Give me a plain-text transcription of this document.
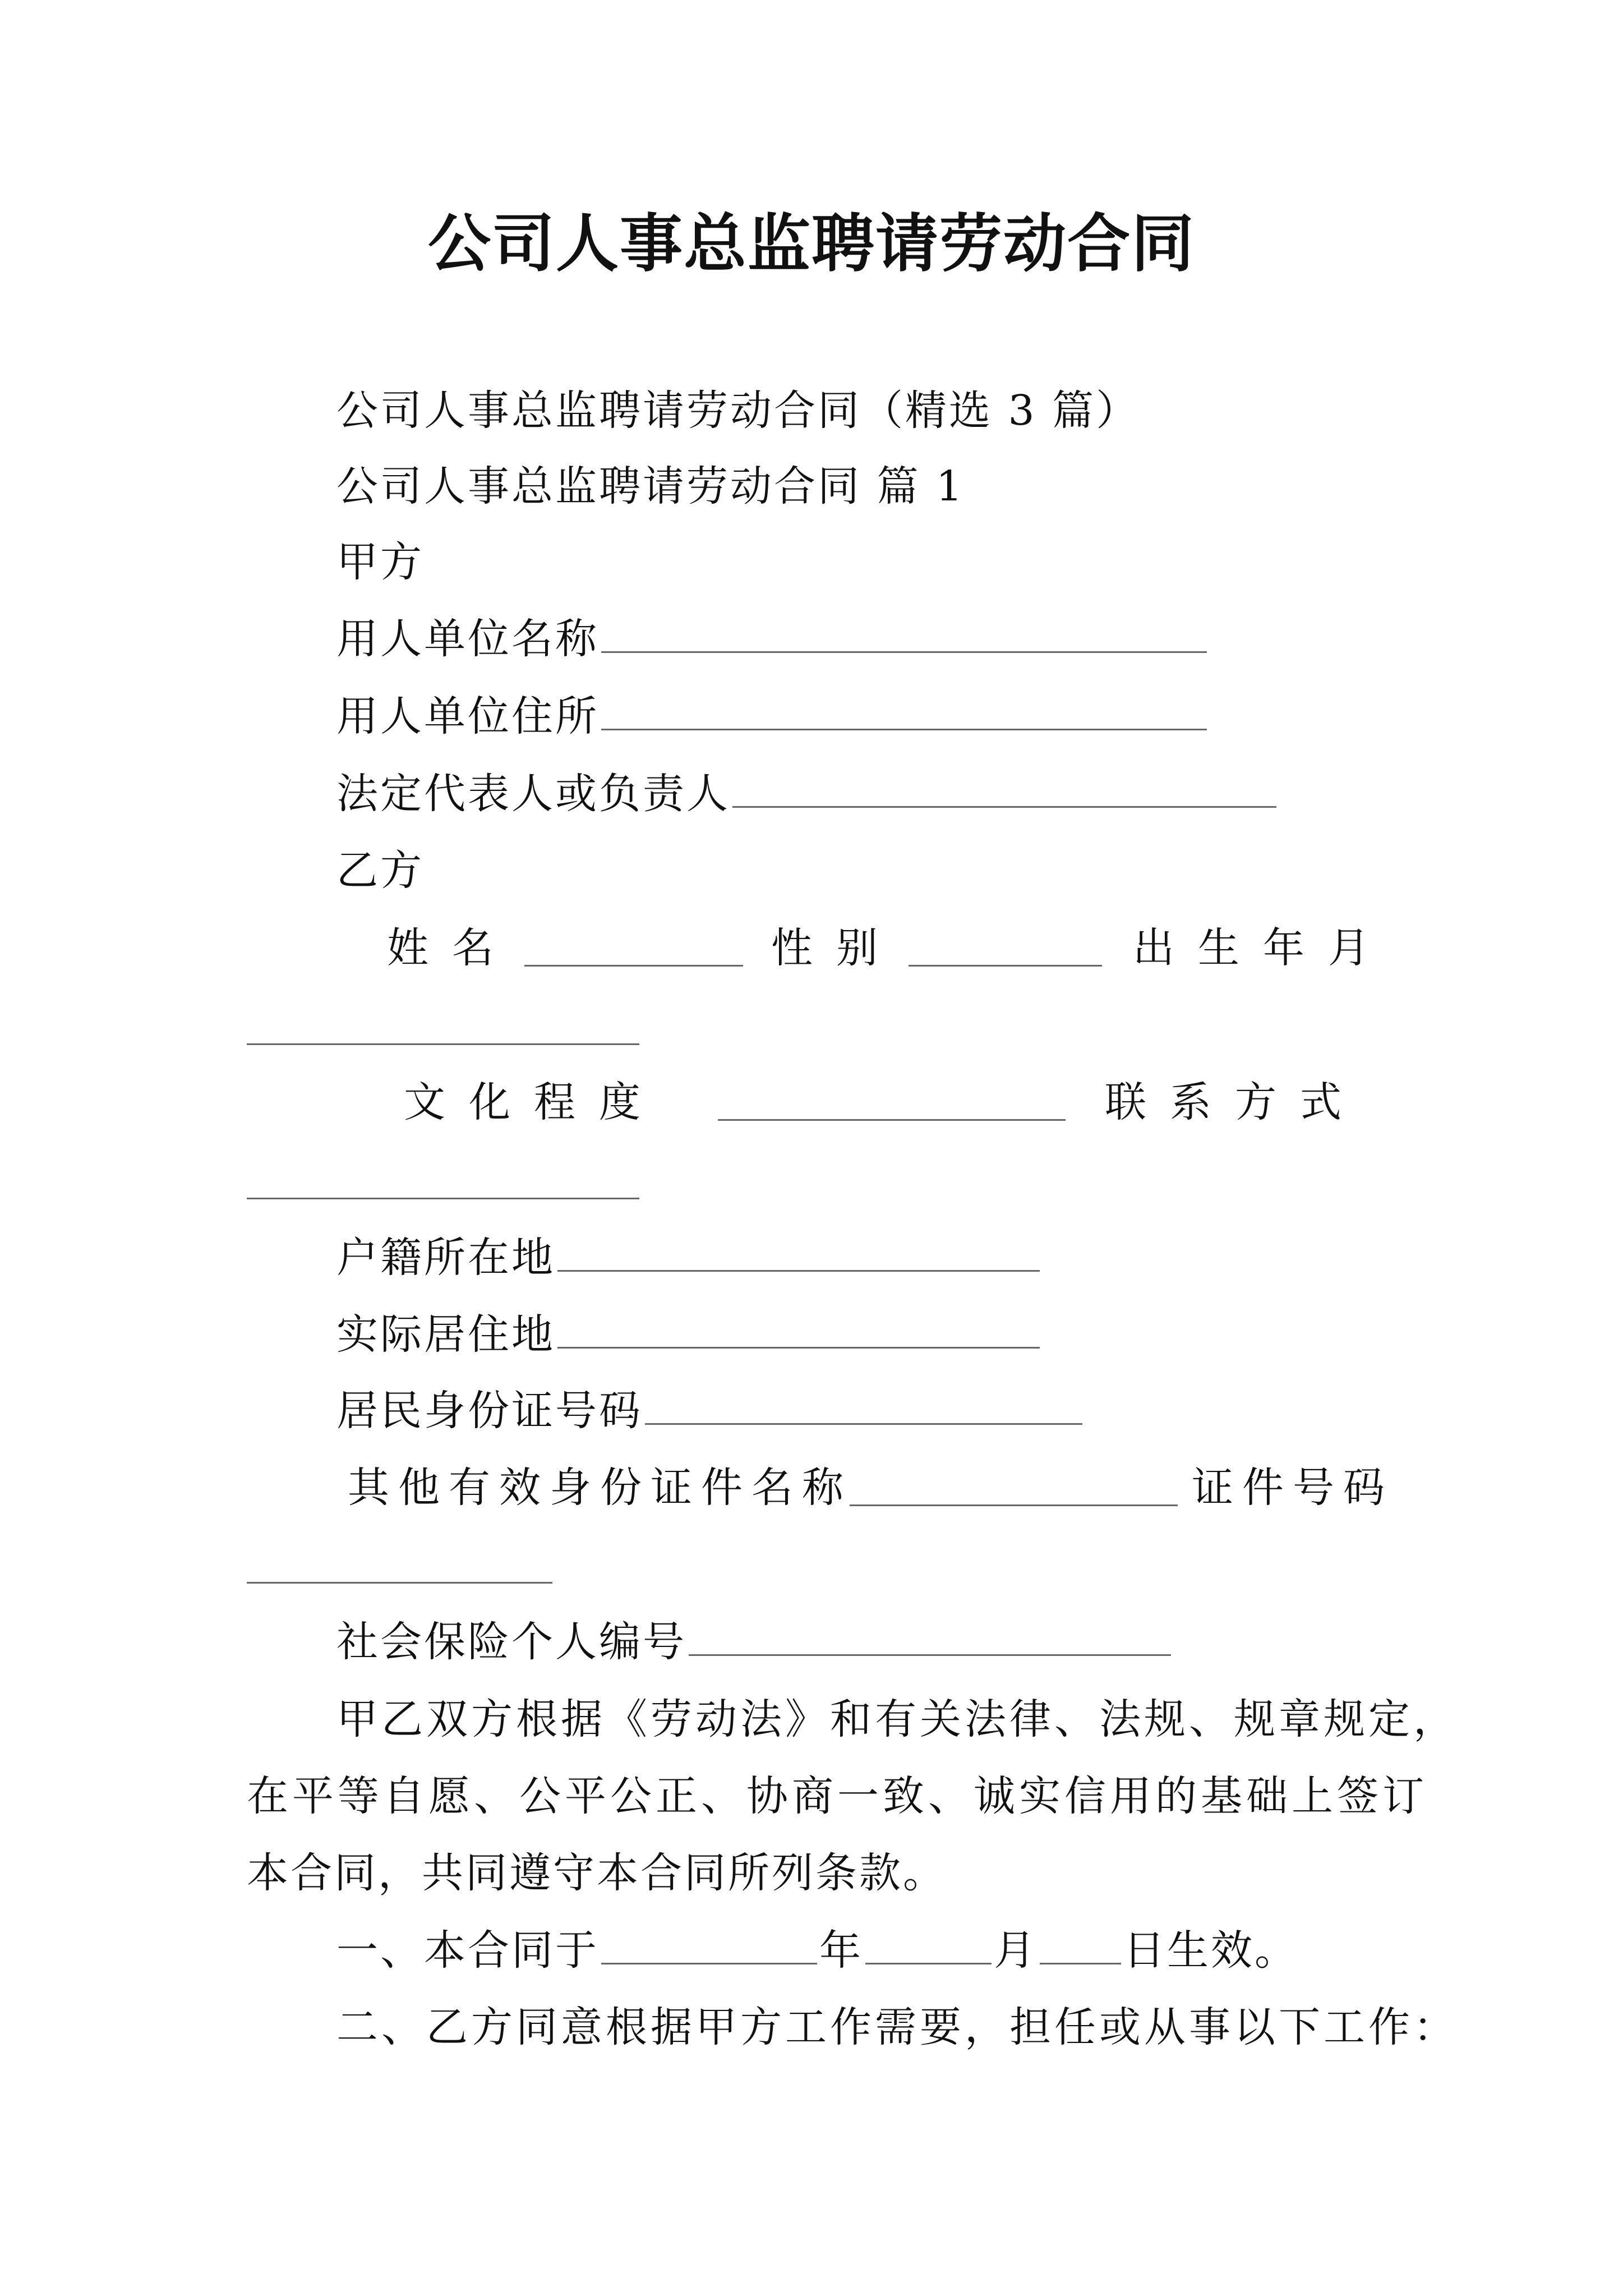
公司人事总监聘请劳动合同
公司人事总监聘请劳动合同（精选 3 篇）
公司人事总监聘请劳动合同 篇 1
甲方
用人单位名称
用人单位住所
法定代表人或负责人
乙方
姓名	性别	出生年月
文化程度	联系方式
户籍所在地
实际居住地
居民身份证号码
其他有效身份证件名称	证件号码
社会保险个人编号
甲乙双方根据《劳动法》和有关法律、法规、规章规定，
在平等自愿、公平公正、协商一致、诚实信用的基础上签订
本合同，共同遵守本合同所列条款。
一、本合同于	年	月 日生效。
二、乙方同意根据甲方工作需要，担任或从事以下工作：
